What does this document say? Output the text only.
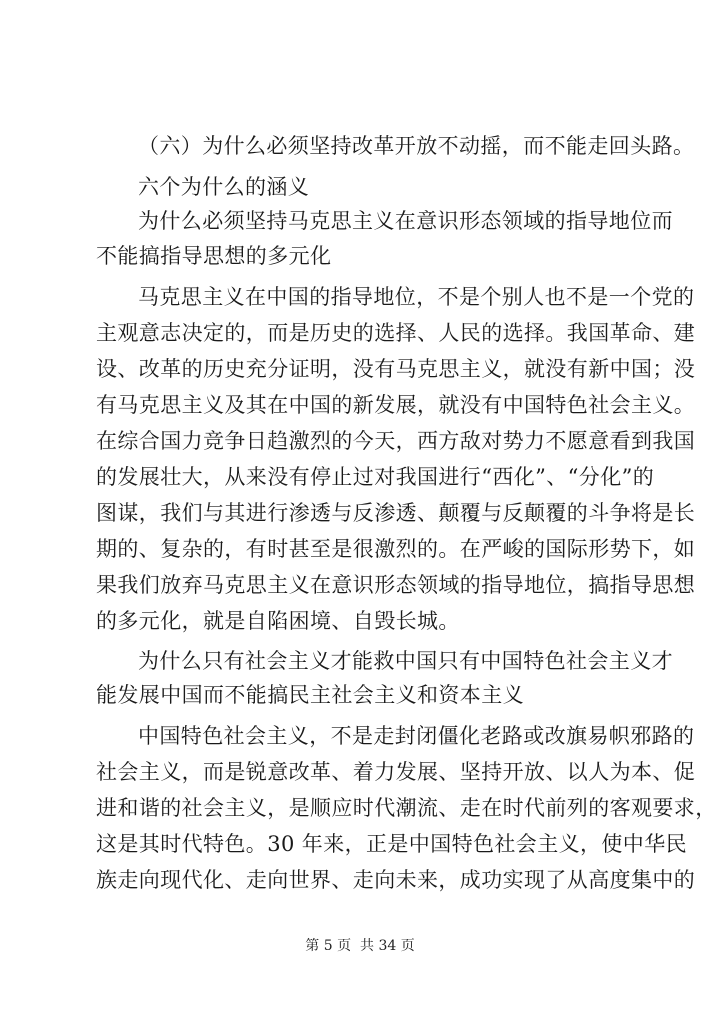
（六）为什么必须坚持改革开放不动摇，而不能走回头路。
六个为什么的涵义
为什么必须坚持马克思主义在意识形态领域的指导地位而
不能搞指导思想的多元化
马克思主义在中国的指导地位，不是个别人也不是一个党的
主观意志决定的，而是历史的选择、人民的选择。我国革命、建
设、改革的历史充分证明，没有马克思主义，就没有新中国；没
有马克思主义及其在中国的新发展，就没有中国特色社会主义。
在综合国力竞争日趋激烈的今天，西方敌对势力不愿意看到我国
的发展壮大，从来没有停止过对我国进行“西化”、“分化”的
图谋，我们与其进行渗透与反渗透、颠覆与反颠覆的斗争将是长
期的、复杂的，有时甚至是很激烈的。在严峻的国际形势下，如
果我们放弃马克思主义在意识形态领域的指导地位，搞指导思想
的多元化，就是自陷困境、自毁长城。
为什么只有社会主义才能救中国只有中国特色社会主义才
能发展中国而不能搞民主社会主义和资本主义
中国特色社会主义，不是走封闭僵化老路或改旗易帜邪路的
社会主义，而是锐意改革、着力发展、坚持开放、以人为本、促
进和谐的社会主义，是顺应时代潮流、走在时代前列的客观要求，
这是其时代特色。30 年来，正是中国特色社会主义，使中华民
族走向现代化、走向世界、走向未来，成功实现了从高度集中的
第 5 页  共 34 页
